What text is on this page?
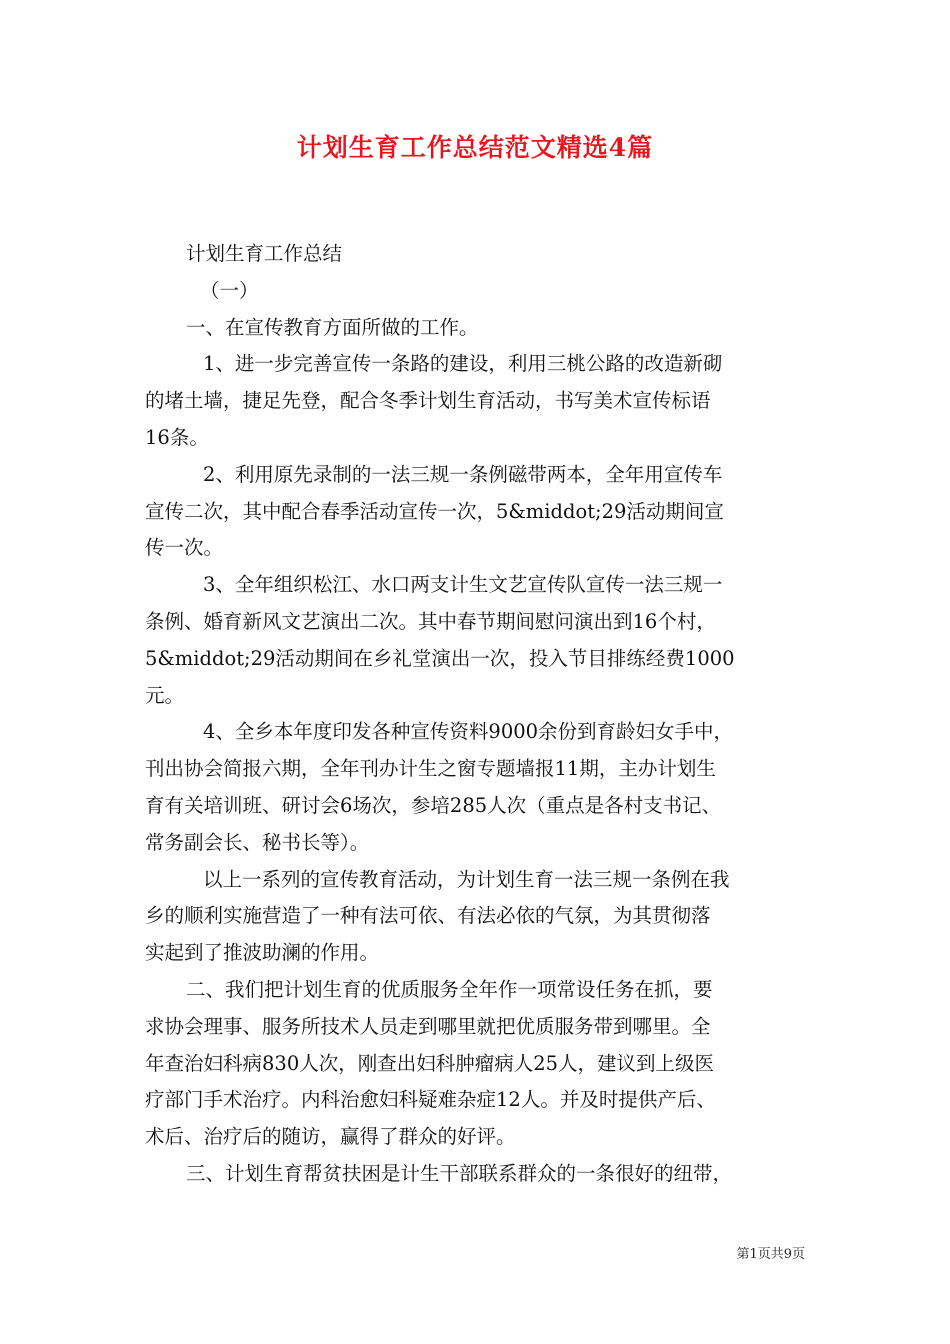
计划生育工作总结范文精选4篇
计划生育工作总结
（一）
一、在宣传教育方面所做的工作。
1、进一步完善宣传一条路的建设，利用三桃公路的改造新砌
的堵土墙，捷足先登，配合冬季计划生育活动，书写美术宣传标语
16条。
2、利用原先录制的一法三规一条例磁带两本，全年用宣传车
宣传二次，其中配合春季活动宣传一次，5&middot;29活动期间宣
传一次。
3、全年组织松江、水口两支计生文艺宣传队宣传一法三规一
条例、婚育新风文艺演出二次。其中春节期间慰问演出到16个村，
5&middot;29活动期间在乡礼堂演出一次，投入节目排练经费1000
元。
4、全乡本年度印发各种宣传资料9000余份到育龄妇女手中，
刊出协会简报六期，全年刊办计生之窗专题墙报11期，主办计划生
育有关培训班、研讨会6场次，参培285人次（重点是各村支书记、
常务副会长、秘书长等）。
以上一系列的宣传教育活动，为计划生育一法三规一条例在我
乡的顺利实施营造了一种有法可依、有法必依的气氛，为其贯彻落
实起到了推波助澜的作用。
二、我们把计划生育的优质服务全年作一项常设任务在抓，要
求协会理事、服务所技术人员走到哪里就把优质服务带到哪里。全
年查治妇科病830人次，刚查出妇科肿瘤病人25人，建议到上级医
疗部门手术治疗。内科治愈妇科疑难杂症12人。并及时提供产后、
术后、治疗后的随访，赢得了群众的好评。
三、计划生育帮贫扶困是计生干部联系群众的一条很好的纽带，
第1页共9页
